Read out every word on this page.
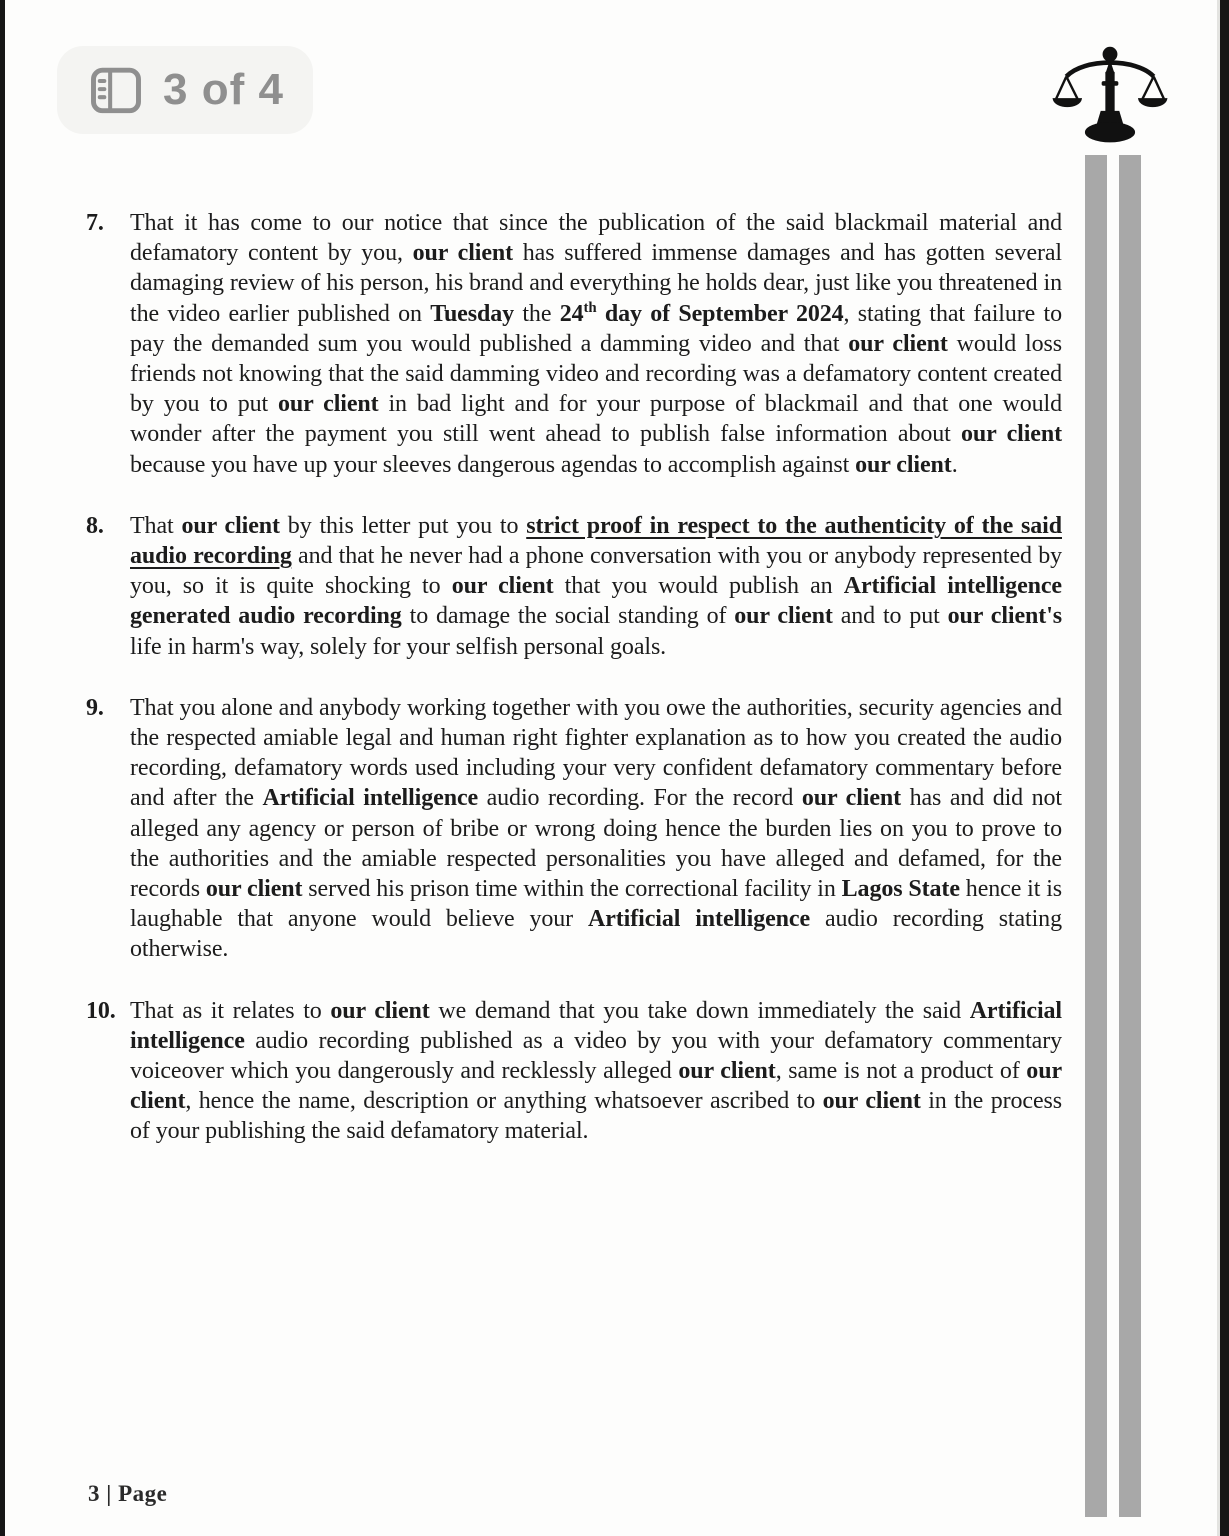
3 of 4
7. That it has come to our notice that since the publication of the said blackmail material and defamatory content by you, our client has suffered immense damages and has gotten several damaging review of his person, his brand and everything he holds dear, just like you threatened in the video earlier published on Tuesday the 24th day of September 2024, stating that failure to pay the demanded sum you would published a damming video and that our client would loss friends not knowing that the said damming video and recording was a defamatory content created by you to put our client in bad light and for your purpose of blackmail and that one would wonder after the payment you still went ahead to publish false information about our client because you have up your sleeves dangerous agendas to accomplish against our client.
8. That our client by this letter put you to strict proof in respect to the authenticity of the said audio recording and that he never had a phone conversation with you or anybody represented by you, so it is quite shocking to our client that you would publish an Artificial intelligence generated audio recording to damage the social standing of our client and to put our client's life in harm's way, solely for your selfish personal goals.
9. That you alone and anybody working together with you owe the authorities, security agencies and the respected amiable legal and human right fighter explanation as to how you created the audio recording, defamatory words used including your very confident defamatory commentary before and after the Artificial intelligence audio recording. For the record our client has and did not alleged any agency or person of bribe or wrong doing hence the burden lies on you to prove to the authorities and the amiable respected personalities you have alleged and defamed, for the records our client served his prison time within the correctional facility in Lagos State hence it is laughable that anyone would believe your Artificial intelligence audio recording stating otherwise.
10. That as it relates to our client we demand that you take down immediately the said Artificial intelligence audio recording published as a video by you with your defamatory commentary voiceover which you dangerously and recklessly alleged our client, same is not a product of our client, hence the name, description or anything whatsoever ascribed to our client in the process of your publishing the said defamatory material.
3 | Page
